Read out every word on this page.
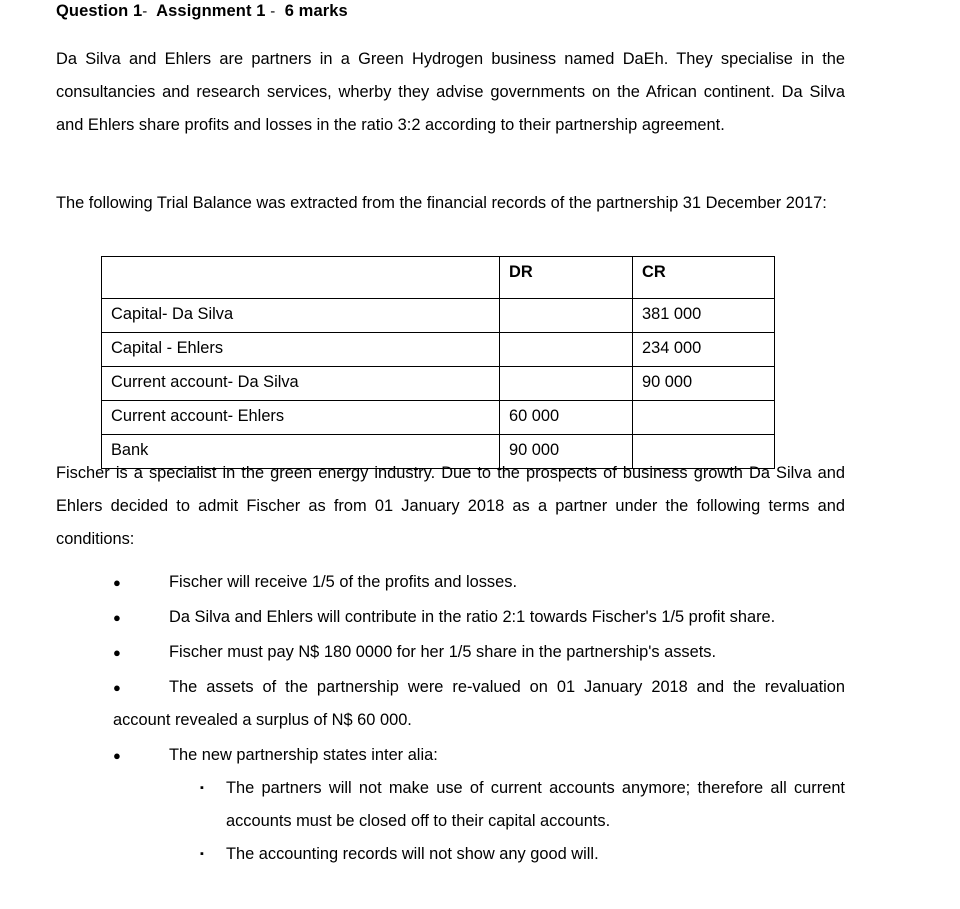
Question 1- Assignment 1 - 6 marks
Da Silva and Ehlers are partners in a Green Hydrogen business named DaEh. They specialise in the consultancies and research services, wherby they advise governments on the African continent. Da Silva and Ehlers share profits and losses in the ratio 3:2 according to their partnership agreement.
The following Trial Balance was extracted from the financial records of the partnership 31 December 2017:
	DR	CR
Capital- Da Silva		381 000
Capital - Ehlers		234 000
Current account- Da Silva		90 000
Current account- Ehlers	60 000	
Bank	90 000	
Fischer is a specialist in the green energy industry. Due to the prospects of business growth Da Silva and Ehlers decided to admit Fischer as from 01 January 2018 as a partner under the following terms and conditions:
●	Fischer will receive 1/5 of the profits and losses.
●	Da Silva and Ehlers will contribute in the ratio 2:1 towards Fischer's 1/5 profit share.
●	Fischer must pay N$ 180 0000 for her 1/5 share in the partnership's assets.
●	The assets of the partnership were re-valued on 01 January 2018 and the revaluation account revealed a surplus of N$ 60 000.
●	The new partnership states inter alia:
▪	The partners will not make use of current accounts anymore; therefore all current accounts must be closed off to their capital accounts.
▪	The accounting records will not show any good will.
